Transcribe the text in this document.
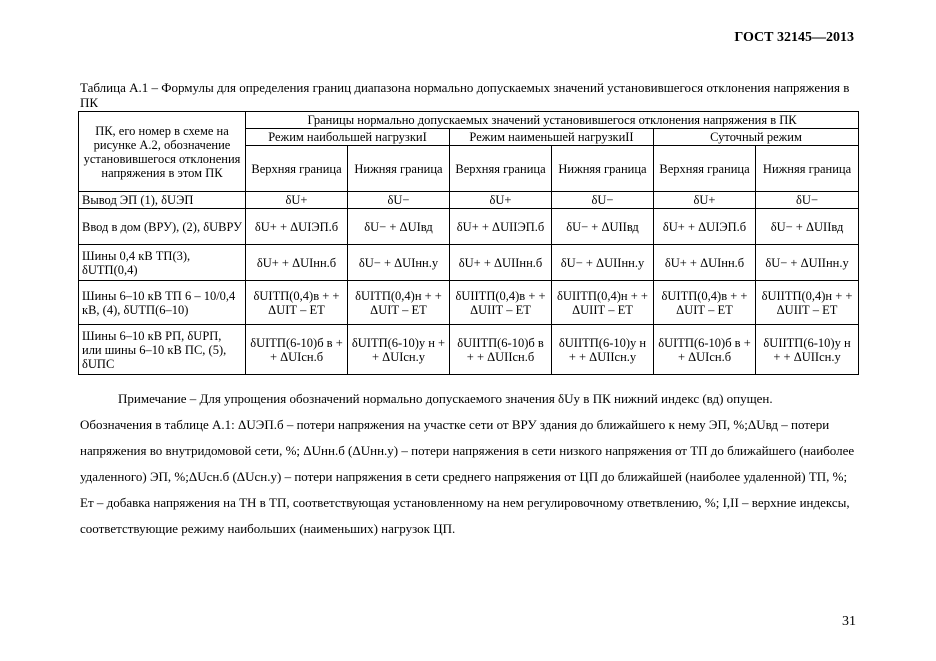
ГОСТ 32145—2013
Таблица А.1 – Формулы для определения границ диапазона нормально допускаемых значений установившегося отклонения напряжения в ПК
ПК, его номер в схеме на рисунке А.2, обозначение установившегося отклонения напряжения в этом ПК	Границы нормально допускаемых значений установившегося отклонения напряжения в ПК					
	Режим наибольшей нагрузкиI		Режим наименьшей нагрузкиII		Суточный режим	
	Верхняя граница	Нижняя граница	Верхняя граница	Нижняя граница	Верхняя граница	Нижняя граница
Вывод ЭП (1), δUЭП	δU+	δU−	δU+	δU−	δU+	δU−
Ввод в дом (ВРУ), (2), δUВРУ	δU+ + ΔUIЭП.б	δU− + ΔUIвд	δU+ + ΔUIIЭП.б	δU− + ΔUIIвд	δU+ + ΔUIЭП.б	δU− + ΔUIIвд
Шины 0,4 кВ ТП(3), δUТП(0,4)	δU+ + ΔUIнн.б	δU− + ΔUIнн.у	δU+ + ΔUIIнн.б	δU− + ΔUIIнн.у	δU+ + ΔUIнн.б	δU− + ΔUIIнн.у
Шины 6–10 кВ ТП 6 – 10/0,4 кВ, (4), δUТП(6–10)	δUIТП(0,4)в + + ΔUIТ – EТ	δUIТП(0,4)н + + ΔUIТ – EТ	δUIIТП(0,4)в + + ΔUIIТ – EТ	δUIIТП(0,4)н + + ΔUIIТ – EТ	δUIТП(0,4)в + + ΔUIТ – EТ	δUIIТП(0,4)н + + ΔUIIТ – EТ
Шины 6–10 кВ РП, δUРП, или шины 6–10 кВ ПС, (5), δUПС	δUIТП(6-10)б в + + ΔUIсн.б	δUIТП(6-10)у н + + ΔUIсн.у	δUIIТП(6-10)б в + + ΔUIIсн.б	δUIIТП(6-10)у н + + ΔUIIсн.у	δUIТП(6-10)б в + + ΔUIсн.б	δUIIТП(6-10)у н + + ΔUIIсн.у

Примечание – Для упрощения обозначений нормально допускаемого значения δUу в ПК нижний индекс (вд) опущен.

Обозначения в таблице А.1: ΔUЭП.б – потери напряжения на участке сети от ВРУ здания до ближайшего к нему ЭП, %;ΔUвд – потери напряжения во внутридомовой сети, %; ΔUнн.б (ΔUнн.у) – потери напряжения в сети низкого напряжения от ТП до ближайшего (наиболее удаленного) ЭП, %;ΔUсн.б (ΔUсн.у) – потери напряжения в сети среднего напряжения от ЦП до ближайшей (наиболее удаленной) ТП, %; Eт – добавка напряжения на ТН в ТП, соответствующая установленному на нем регулировочному ответвлению, %; I,II – верхние индексы, соответствующие режиму наибольших (наименьших) нагрузок ЦП.

31
